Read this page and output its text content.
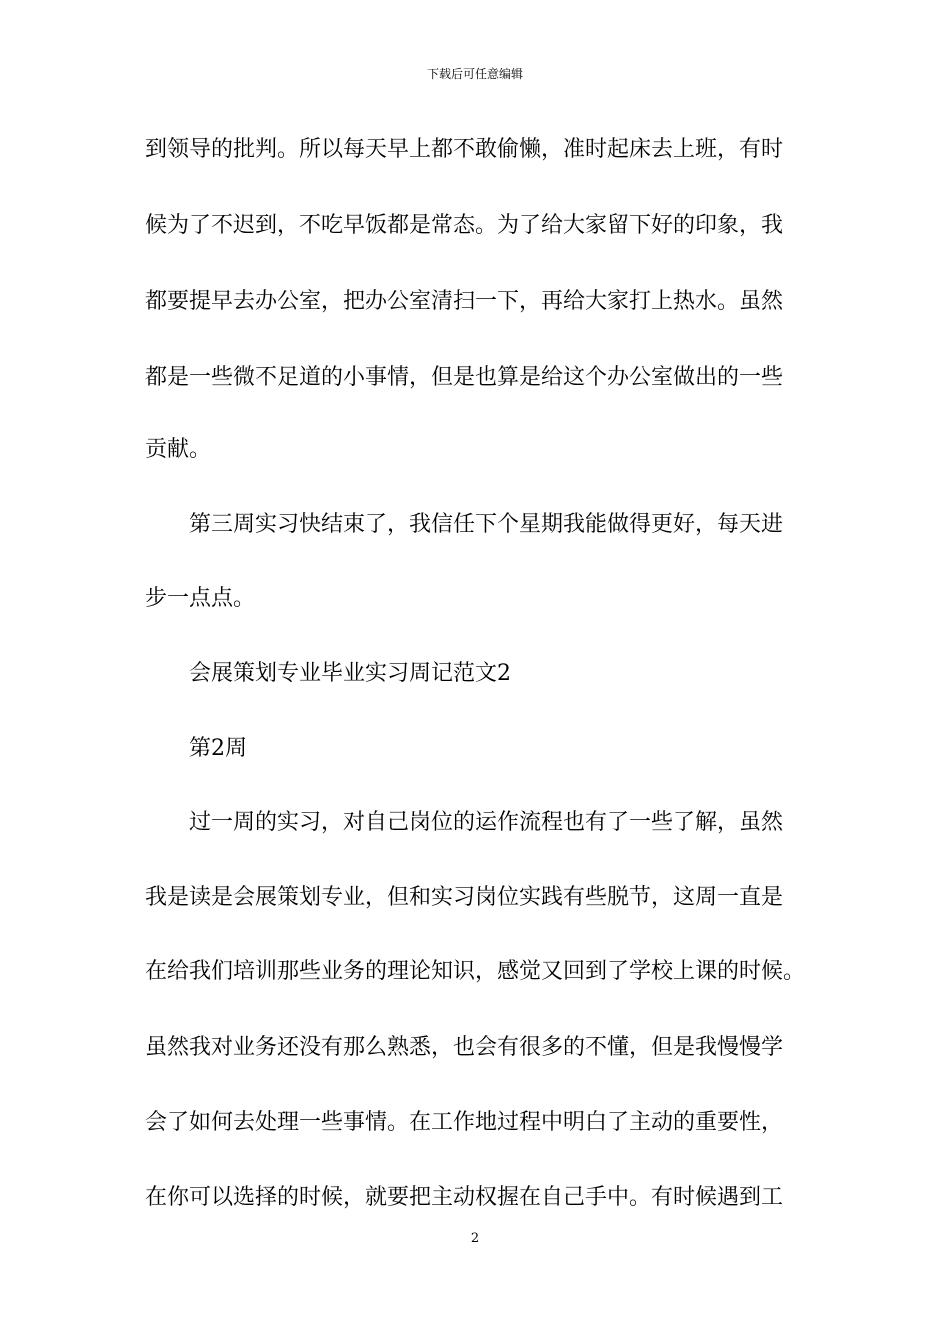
下载后可任意编辑
到领导的批判。所以每天早上都不敢偷懒，准时起床去上班，有时
候为了不迟到，不吃早饭都是常态。为了给大家留下好的印象，我
都要提早去办公室，把办公室清扫一下，再给大家打上热水。虽然
都是一些微不足道的小事情，但是也算是给这个办公室做出的一些
贡献。
　　第三周实习快结束了，我信任下个星期我能做得更好，每天进
步一点点。
　　会展策划专业毕业实习周记范文2
　　第2周
　　过一周的实习，对自己岗位的运作流程也有了一些了解，虽然
我是读是会展策划专业，但和实习岗位实践有些脱节，这周一直是
在给我们培训那些业务的理论知识，感觉又回到了学校上课的时候。
虽然我对业务还没有那么熟悉，也会有很多的不懂，但是我慢慢学
会了如何去处理一些事情。在工作地过程中明白了主动的重要性，
在你可以选择的时候，就要把主动权握在自己手中。有时候遇到工
2
